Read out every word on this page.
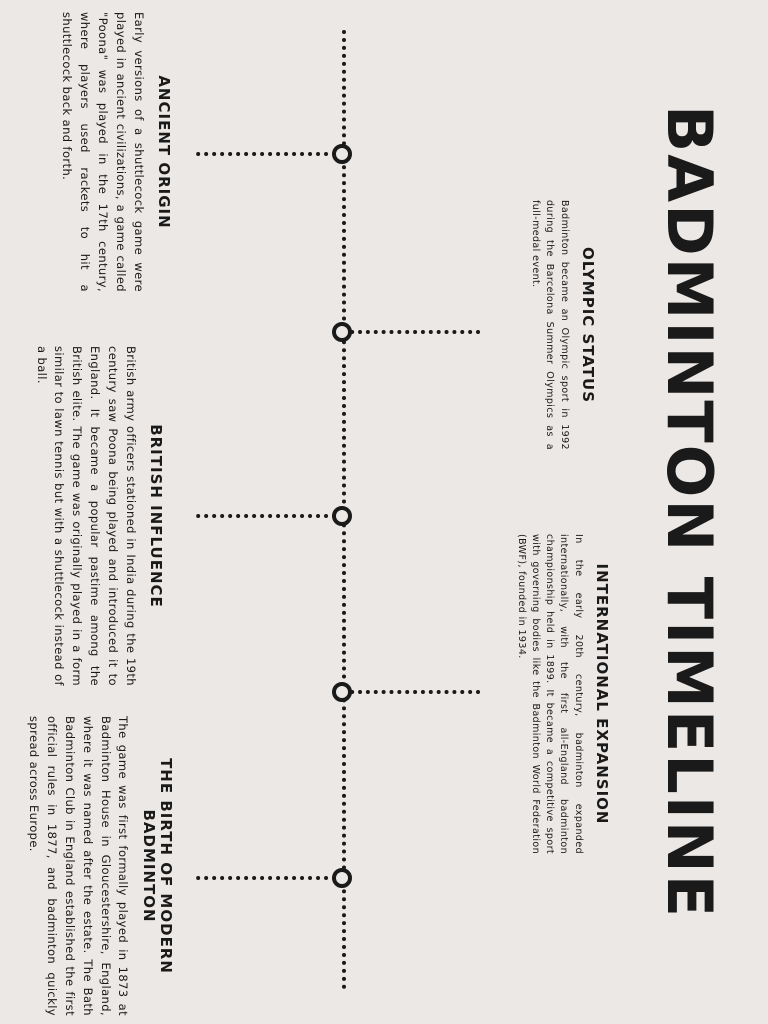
BADMINTON TIMELINE
ANCIENT ORIGIN

Early versions of a shuttlecock game were played in ancient civilizations, a game called "Poona" was played in the 17th century, where players used rackets to hit a shuttlecock back and forth.

OLYMPIC STATUS

Badminton became an Olympic sport in 1992 during the Barcelona Summer Olympics as a full-medal event.

BRITISH INFLUENCE

British army officers stationed in India during the 19th century saw Poona being played and introduced it to England. It became a popular pastime among the British elite. The game was originally played in a form similar to lawn tennis but with a shuttlecock instead of a ball.

INTERNATIONAL EXPANSION

In the early 20th century, badminton expanded internationally, with the first all-England badminton championship held in 1899. It became a competitive sport with governing bodies like the Badminton World Federation (BWF), founded in 1934.

THE BIRTH OF MODERN BADMINTON

The game was first formally played in 1873 at Badminton House in Gloucestershire, England, where it was named after the estate. The Bath Badminton Club in England established the first official rules in 1877, and badminton quickly spread across Europe.
